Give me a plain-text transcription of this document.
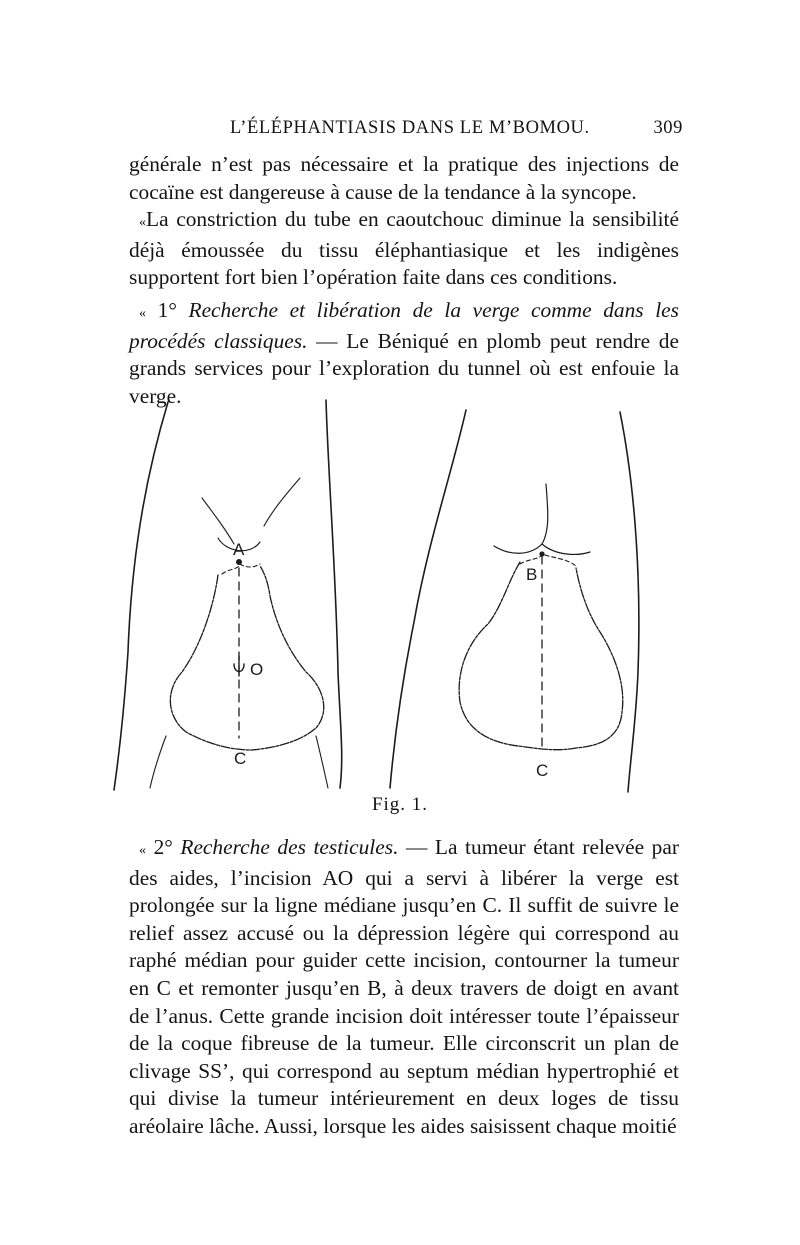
L’ÉLÉPHANTIASIS DANS LE M’BOMOU.	309

générale n’est pas nécessaire et la pratique des injections de cocaïne est dangereuse à cause de la tendance à la syncope.

«La constriction du tube en caoutchouc diminue la sensibilité déjà émoussée du tissu éléphantiasique et les indigènes supportent fort bien l’opération faite dans ces conditions.

« 1° Recherche et libération de la verge comme dans les procédés classiques. — Le Béniqué en plomb peut rendre de grands services pour l’exploration du tunnel où est enfouie la verge.

A
O
C
B
C
Fig. 1.

« 2° Recherche des testicules. — La tumeur étant relevée par des aides, l’incision AO qui a servi à libérer la verge est prolongée sur la ligne médiane jusqu’en C. Il suffit de suivre le relief assez accusé ou la dépression légère qui correspond au raphé médian pour guider cette incision, contourner la tumeur en C et remonter jusqu’en B, à deux travers de doigt en avant de l’anus. Cette grande incision doit intéresser toute l’épaisseur de la coque fibreuse de la tumeur. Elle circonscrit un plan de clivage SS’, qui correspond au septum médian hypertrophié et qui divise la tumeur intérieurement en deux loges de tissu aréolaire lâche. Aussi, lorsque les aides saisissent chaque moitié
